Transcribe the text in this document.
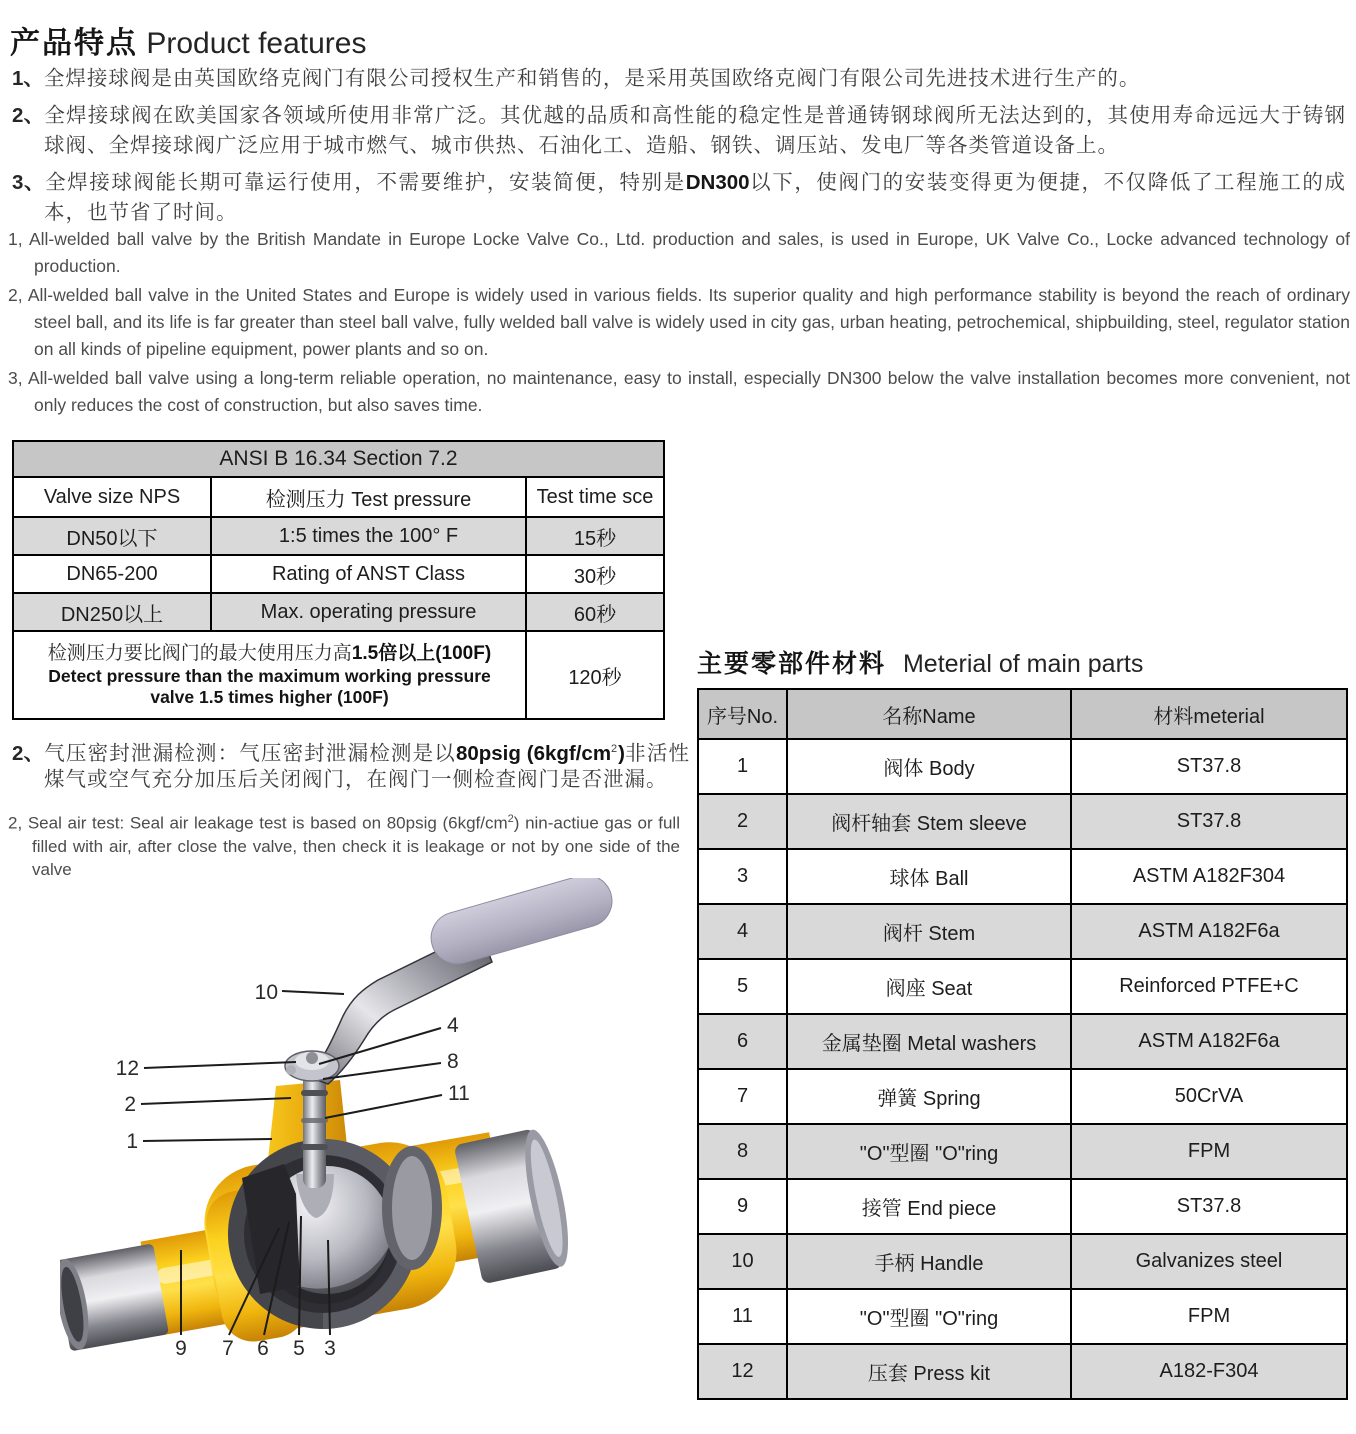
产品特点 Product features

1、全焊接球阀是由英国欧络克阀门有限公司授权生产和销售的，是采用英国欧络克阀门有限公司先进技术进行生产的。

2、全焊接球阀在欧美国家各领域所使用非常广泛。其优越的品质和高性能的稳定性是普通铸钢球阀所无法达到的，其使用寿命远远大于铸钢球阀、全焊接球阀广泛应用于城市燃气、城市供热、石油化工、造船、钢铁、调压站、发电厂等各类管道设备上。

3、全焊接球阀能长期可靠运行使用，不需要维护，安装简便，特别是DN300以下，使阀门的安装变得更为便捷，不仅降低了工程施工的成本，也节省了时间。

1, All-welded ball valve by the British Mandate in Europe Locke Valve Co., Ltd. production and sales, is used in Europe, UK Valve Co., Locke advanced technology of production.

2, All-welded ball valve in the United States and Europe is widely used in various fields. Its superior quality and high performance stability is beyond the reach of ordinary steel ball, and its life is far greater than steel ball valve, fully welded ball valve is widely used in city gas, urban heating, petrochemical, shipbuilding, steel, regulator station on all kinds of pipeline equipment, power plants and so on.

3, All-welded ball valve using a long-term reliable operation, no maintenance, easy to install, especially DN300 below the valve installation becomes more convenient, not only reduces the cost of construction, but also saves time.

ANSI B 16.34 Section 7.2		
Valve size NPS	检测压力 Test pressure	Test time sce
DN50以下	1:5 times the 100° F	15秒
DN65-200	Rating of ANST Class	30秒
DN250以上	Max. operating pressure	60秒

检测压力要比阀门的最大使用压力高1.5倍以上(100F)
Detect pressure than the maximum working pressure
valve 1.5 times higher (100F)		120秒

2、气压密封泄漏检测：气压密封泄漏检测是以80psig $(6kgf/cm^2)$非活性煤气或空气充分加压后关闭阀门，在阀门一侧检查阀门是否泄漏。

2, Seal air test: Seal air leakage test is based on 80psig $(6kgf/cm^2)$ nin-actiue gas or full filled with air, after close the valve, then check it is leakage or not by one side of the valve

10
4
8
11
12
2
1
9 7 6 5 3
主要零部件材料 Meterial of main parts
序号No.	名称Name	材料meterial
1	阀体 Body	ST37.8
2	阀杆轴套 Stem sleeve	ST37.8
3	球体 Ball	ASTM A182F304
4	阀杆 Stem	ASTM A182F6a
5	阀座 Seat	Reinforced PTFE+C
6	金属垫圈 Metal washers	ASTM A182F6a
7	弹簧 Spring	50CrVA
8	"O"型圈 "O"ring	FPM
9	接管 End piece	ST37.8
10	手柄 Handle	Galvanizes steel
11	"O"型圈 "O"ring	FPM
12	压套 Press kit	A182-F304
